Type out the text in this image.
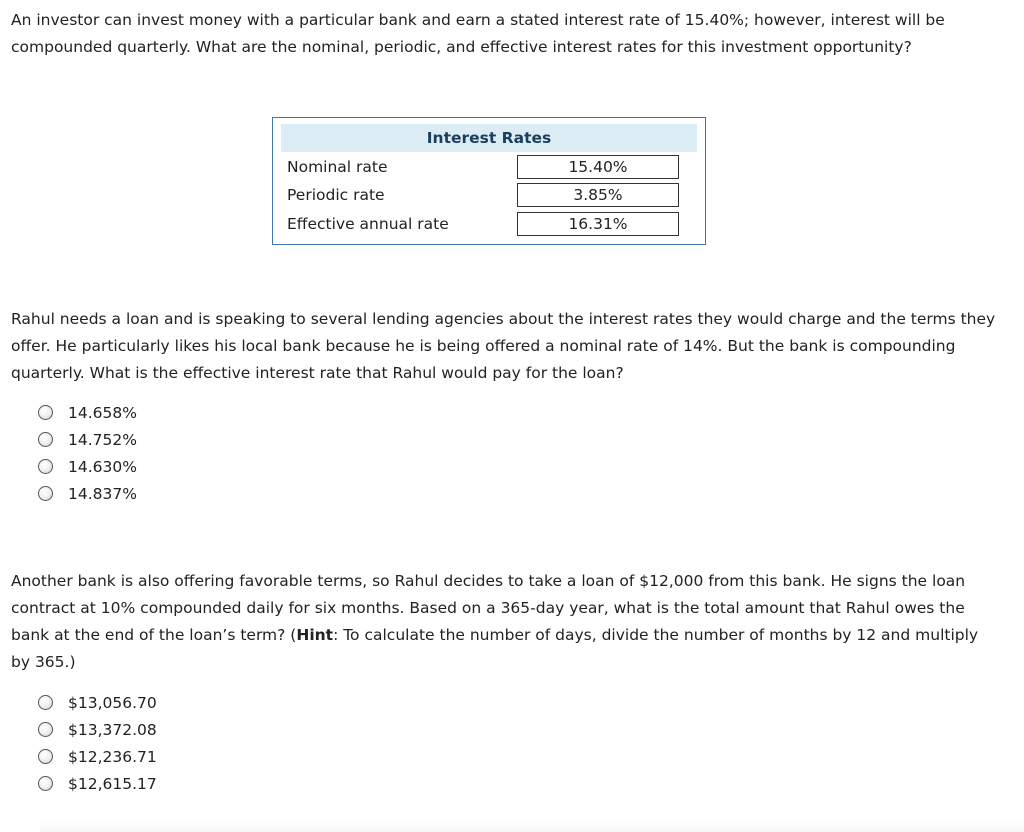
An investor can invest money with a particular bank and earn a stated interest rate of 15.40%; however, interest will be compounded quarterly. What are the nominal, periodic, and effective interest rates for this investment opportunity?

Interest Rates
Nominal rate	15.40%
Periodic rate	3.85%
Effective annual rate	16.31%

Rahul needs a loan and is speaking to several lending agencies about the interest rates they would charge and the terms they offer. He particularly likes his local bank because he is being offered a nominal rate of 14%. But the bank is compounding quarterly. What is the effective interest rate that Rahul would pay for the loan?

14.658%
14.752%
14.630%
14.837%

Another bank is also offering favorable terms, so Rahul decides to take a loan of $12,000 from this bank. He signs the loan contract at 10% compounded daily for six months. Based on a 365-day year, what is the total amount that Rahul owes the bank at the end of the loan’s term? (Hint: To calculate the number of days, divide the number of months by 12 and multiply by 365.)

$13,056.70
$13,372.08
$12,236.71
$12,615.17
